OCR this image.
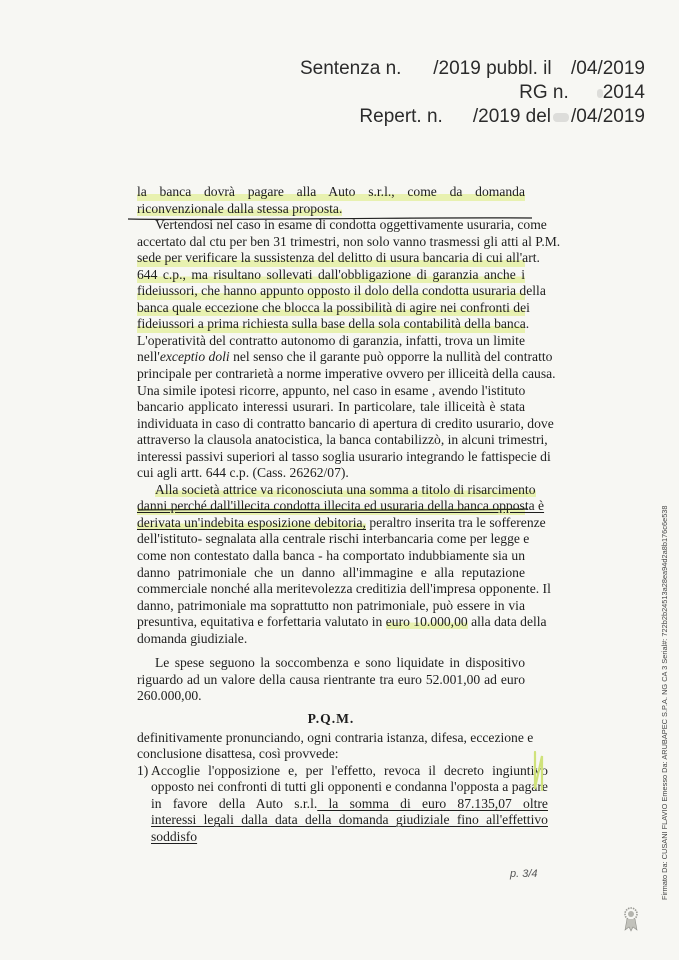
Sentenza n. /2019 pubbl. il /04/2019
RG n. 2014
Repert. n. /2019 del /04/2019
la banca dovrà pagare alla Auto s.r.l., come da domanda
riconvenzionale dalla stessa proposta.
Vertendosi nel caso in esame di condotta oggettivamente usuraria, come
accertato dal ctu per ben 31 trimestri, non solo vanno trasmessi gli atti al P.M.
sede per verificare la sussistenza del delitto di usura bancaria di cui all'art.
644 c.p., ma risultano sollevati dall'obbligazione di garanzia anche i
fideiussori, che hanno appunto opposto il dolo della condotta usuraria della
banca quale eccezione che blocca la possibilità di agire nei confronti dei
fideiussori a prima richiesta sulla base della sola contabilità della banca.
L'operatività del contratto autonomo di garanzia, infatti, trova un limite
nell'exceptio doli nel senso che il garante può opporre la nullità del contratto
principale per contrarietà a norme imperative ovvero per illiceità della causa.
Una simile ipotesi ricorre, appunto, nel caso in esame , avendo l'istituto
bancario applicato interessi usurari. In particolare, tale illiceità è stata
individuata in caso di contratto bancario di apertura di credito usurario, dove
attraverso la clausola anatocistica, la banca contabilizzò, in alcuni trimestri,
interessi passivi superiori al tasso soglia usurario integrando le fattispecie di
cui agli artt. 644 c.p. (Cass. 26262/07).
Alla società attrice va riconosciuta una somma a titolo di risarcimento
danni perché dall'illecita condotta illecita ed usuraria della banca opposta è
derivata un'indebita esposizione debitoria, peraltro inserita tra le sofferenze
dell'istituto- segnalata alla centrale rischi interbancaria come per legge e
come non contestato dalla banca - ha comportato indubbiamente sia un
danno patrimoniale che un danno all'immagine e alla reputazione
commerciale nonché alla meritevolezza creditizia dell'impresa opponente. Il
danno, patrimoniale ma soprattutto non patrimoniale, può essere in via
presuntiva, equitativa e forfettaria valutato in euro 10.000,00 alla data della
domanda giudiziale.
Le spese seguono la soccombenza e sono liquidate in dispositivo
riguardo ad un valore della causa rientrante tra euro 52.001,00 ad euro
260.000,00.
P.Q.M.
definitivamente pronunciando, ogni contraria istanza, difesa, eccezione e
conclusione disattesa, così provvede:
1) Accoglie l'opposizione e, per l'effetto, revoca il decreto ingiuntivo
opposto nei confronti di tutti gli opponenti e condanna l'opposta a pagare
in favore della Auto s.r.l. la somma di euro 87.135,07 oltre
interessi legali dalla data della domanda giudiziale fino all'effettivo
soddisfo
p. 3/4	Firmato Da: CUSANI FLAVIO Emesso Da: ARUBAPEC S.P.A. NG CA 3 Serial#: 722b2b24513a28ea94d2a8b176c6e538
